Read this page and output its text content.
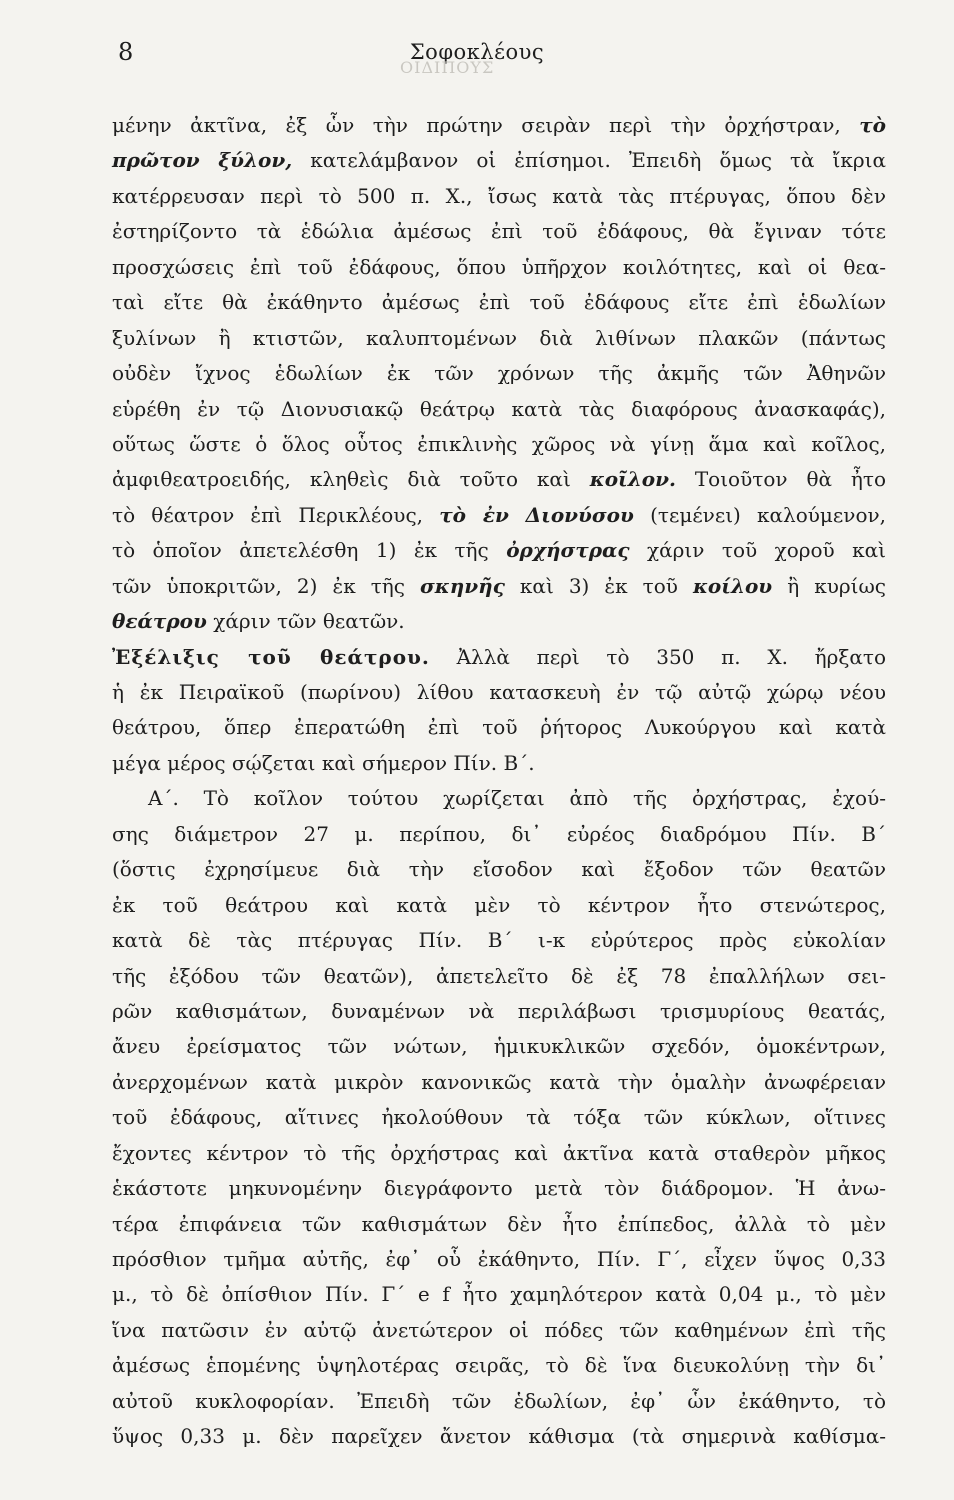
8	Σοφοκλέους
ΟΙΔΙΠΟΥΣ
μένην ἀκτῖνα, ἐξ ὧν τὴν πρώτην σειρὰν περὶ τὴν ὀρχήστραν, τὸ
πρῶτον ξύλον, κατελάμβανον οἱ ἐπίσημοι. Ἐπειδὴ ὅμως τὰ ἴκρια
κατέρρευσαν περὶ τὸ 500 π. Χ., ἴσως κατὰ τὰς πτέρυγας, ὅπου δὲν
ἐστηρίζοντο τὰ ἑδώλια ἀμέσως ἐπὶ τοῦ ἐδάφους, θὰ ἔγιναν τότε
προσχώσεις ἐπὶ τοῦ ἐδάφους, ὅπου ὑπῆρχον κοιλότητες, καὶ οἱ θεα-
ταὶ εἴτε θὰ ἐκάθηντο ἀμέσως ἐπὶ τοῦ ἐδάφους εἴτε ἐπὶ ἑδωλίων
ξυλίνων ἢ κτιστῶν, καλυπτομένων διὰ λιθίνων πλακῶν (πάντως
οὐδὲν ἴχνος ἑδωλίων ἐκ τῶν χρόνων τῆς ἀκμῆς τῶν Ἀθηνῶν
εὑρέθη ἐν τῷ Διονυσιακῷ θεάτρῳ κατὰ τὰς διαφόρους ἀνασκαφάς),
οὕτως ὥστε ὁ ὅλος οὗτος ἐπικλινὴς χῶρος νὰ γίνῃ ἅμα καὶ κοῖλος,
ἀμφιθεατροειδής, κληθεὶς διὰ τοῦτο καὶ κοῖλον. Τοιοῦτον θὰ ἦτο
τὸ θέατρον ἐπὶ Περικλέους, τὸ ἐν Διονύσου (τεμένει) καλούμενον,
τὸ ὁποῖον ἀπετελέσθη 1) ἐκ τῆς ὀρχήστρας χάριν τοῦ χοροῦ καὶ
τῶν ὑποκριτῶν, 2) ἐκ τῆς σκηνῆς καὶ 3) ἐκ τοῦ κοίλου ἢ κυρίως
θεάτρου χάριν τῶν θεατῶν.
Ἐξέλιξις τοῦ θεάτρου. Ἀλλὰ περὶ τὸ 350 π. Χ. ἤρξατο
ἡ ἐκ Πειραϊκοῦ (πωρίνου) λίθου κατασκευὴ ἐν τῷ αὐτῷ χώρῳ νέου
θεάτρου, ὅπερ ἐπερατώθη ἐπὶ τοῦ ῥήτορος Λυκούργου καὶ κατὰ
μέγα μέρος σῴζεται καὶ σήμερον Πίν. Β΄.
Α΄. Τὸ κοῖλον τούτου χωρίζεται ἀπὸ τῆς ὀρχήστρας, ἐχού-
σης διάμετρον 27 μ. περίπου, δι᾿ εὐρέος διαδρόμου Πίν. Β΄
(ὅστις ἐχρησίμευε διὰ τὴν εἴσοδον καὶ ἔξοδον τῶν θεατῶν
ἐκ τοῦ θεάτρου καὶ κατὰ μὲν τὸ κέντρον ἦτο στενώτερος,
κατὰ δὲ τὰς πτέρυγας Πίν. Β΄ ι-κ εὐρύτερος πρὸς εὐκολίαν
τῆς ἐξόδου τῶν θεατῶν), ἀπετελεῖτο δὲ ἐξ 78 ἐπαλλήλων σει-
ρῶν καθισμάτων, δυναμένων νὰ περιλάβωσι τρισμυρίους θεατάς,
ἄνευ ἐρείσματος τῶν νώτων, ἡμικυκλικῶν σχεδόν, ὁμοκέντρων,
ἀνερχομένων κατὰ μικρὸν κανονικῶς κατὰ τὴν ὁμαλὴν ἀνωφέρειαν
τοῦ ἐδάφους, αἵτινες ἠκολούθουν τὰ τόξα τῶν κύκλων, οἵτινες
ἔχοντες κέντρον τὸ τῆς ὀρχήστρας καὶ ἀκτῖνα κατὰ σταθερὸν μῆκος
ἑκάστοτε μηκυνομένην διεγράφοντο μετὰ τὸν διάδρομον. Ἡ ἀνω-
τέρα ἐπιφάνεια τῶν καθισμάτων δὲν ἦτο ἐπίπεδος, ἀλλὰ τὸ μὲν
πρόσθιον τμῆμα αὐτῆς, ἐφ᾿ οὗ ἐκάθηντο, Πίν. Γ΄, εἶχεν ὕψος 0,33
μ., τὸ δὲ ὀπίσθιον Πίν. Γ΄ e f ἦτο χαμηλότερον κατὰ 0,04 μ., τὸ μὲν
ἵνα πατῶσιν ἐν αὐτῷ ἀνετώτερον οἱ πόδες τῶν καθημένων ἐπὶ τῆς
ἀμέσως ἑπομένης ὑψηλοτέρας σειρᾶς, τὸ δὲ ἵνα διευκολύνῃ τὴν δι᾿
αὐτοῦ κυκλοφορίαν. Ἐπειδὴ τῶν ἑδωλίων, ἐφ᾿ ὧν ἐκάθηντο, τὸ
ὕψος 0,33 μ. δὲν παρεῖχεν ἄνετον κάθισμα (τὰ σημερινὰ καθίσμα-
